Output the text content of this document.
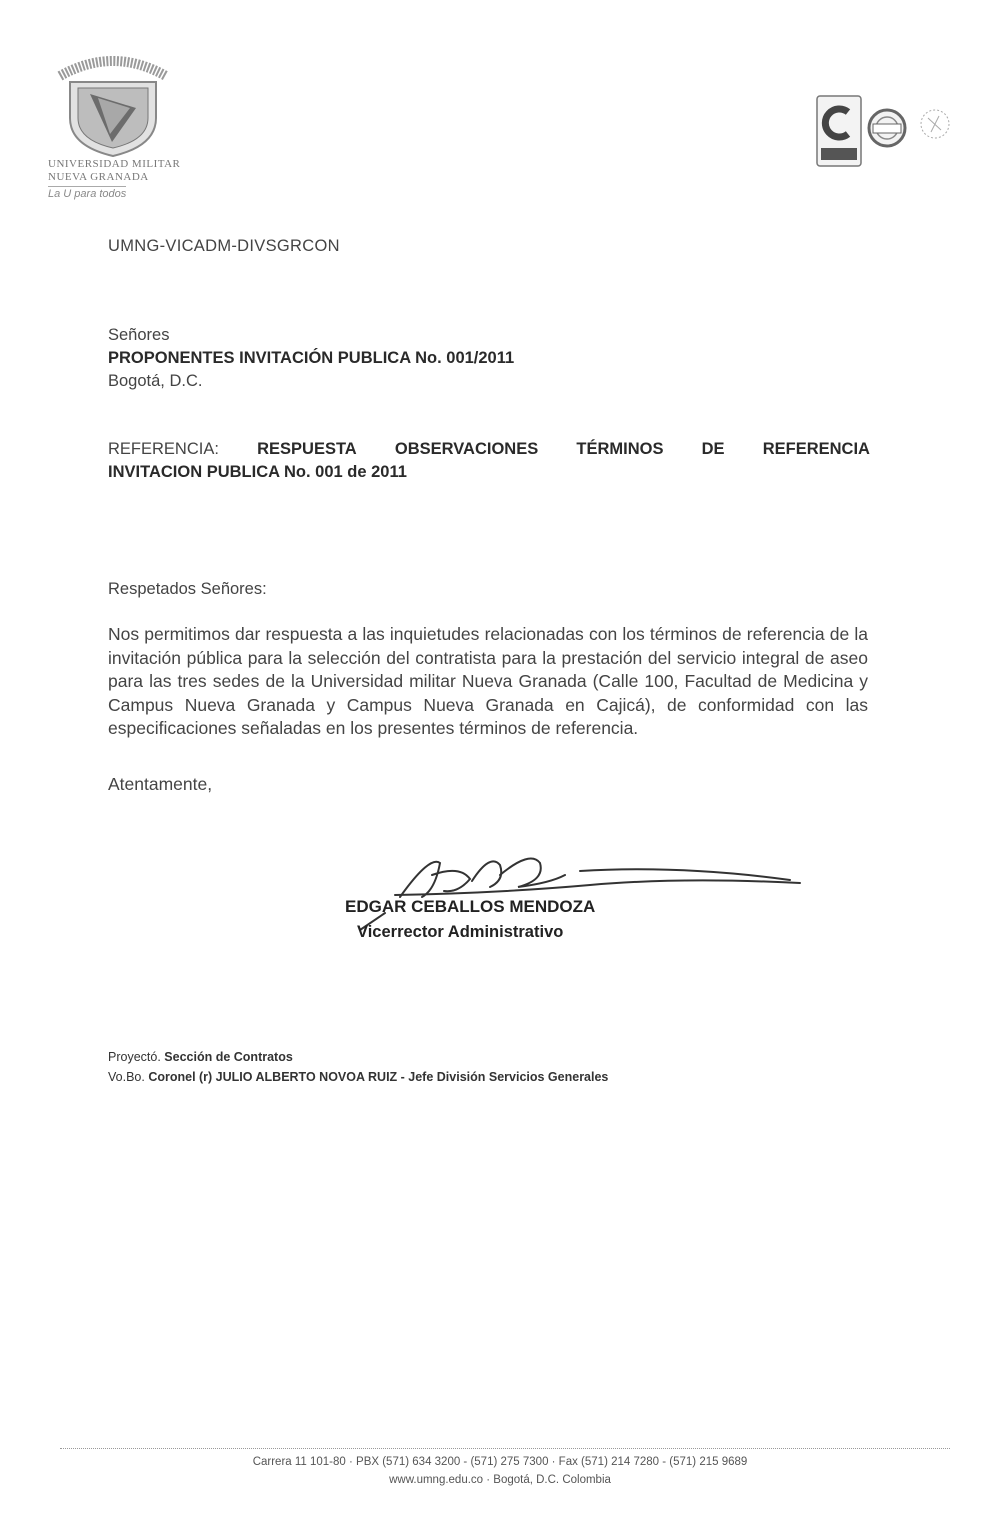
UNIVERSIDAD MILITAR
NUEVA GRANADA
La U para todos
UMNG-VICADM-DIVSGRCON
Señores
PROPONENTES INVITACIÓN PUBLICA No. 001/2011
Bogotá, D.C.
REFERENCIA: RESPUESTA OBSERVACIONES TÉRMINOS DE REFERENCIA
INVITACION PUBLICA No. 001 de 2011
Respetados Señores:
Nos permitimos dar respuesta a las inquietudes relacionadas con los términos de referencia de la invitación pública para la selección del contratista para la prestación del servicio integral de aseo para las tres sedes de la Universidad militar Nueva Granada (Calle 100, Facultad de Medicina y Campus Nueva Granada y Campus Nueva Granada en Cajicá), de conformidad con las especificaciones señaladas en los presentes términos de referencia.
Atentamente,
EDGAR CEBALLOS MENDOZA
Vicerrector Administrativo
Proyectó. Sección de Contratos
Vo.Bo. Coronel (r) JULIO ALBERTO NOVOA RUIZ - Jefe División Servicios Generales
Carrera 11 101-80 · PBX (571) 634 3200 - (571) 275 7300 · Fax (571) 214 7280 - (571) 215 9689
www.umng.edu.co · Bogotá, D.C. Colombia
